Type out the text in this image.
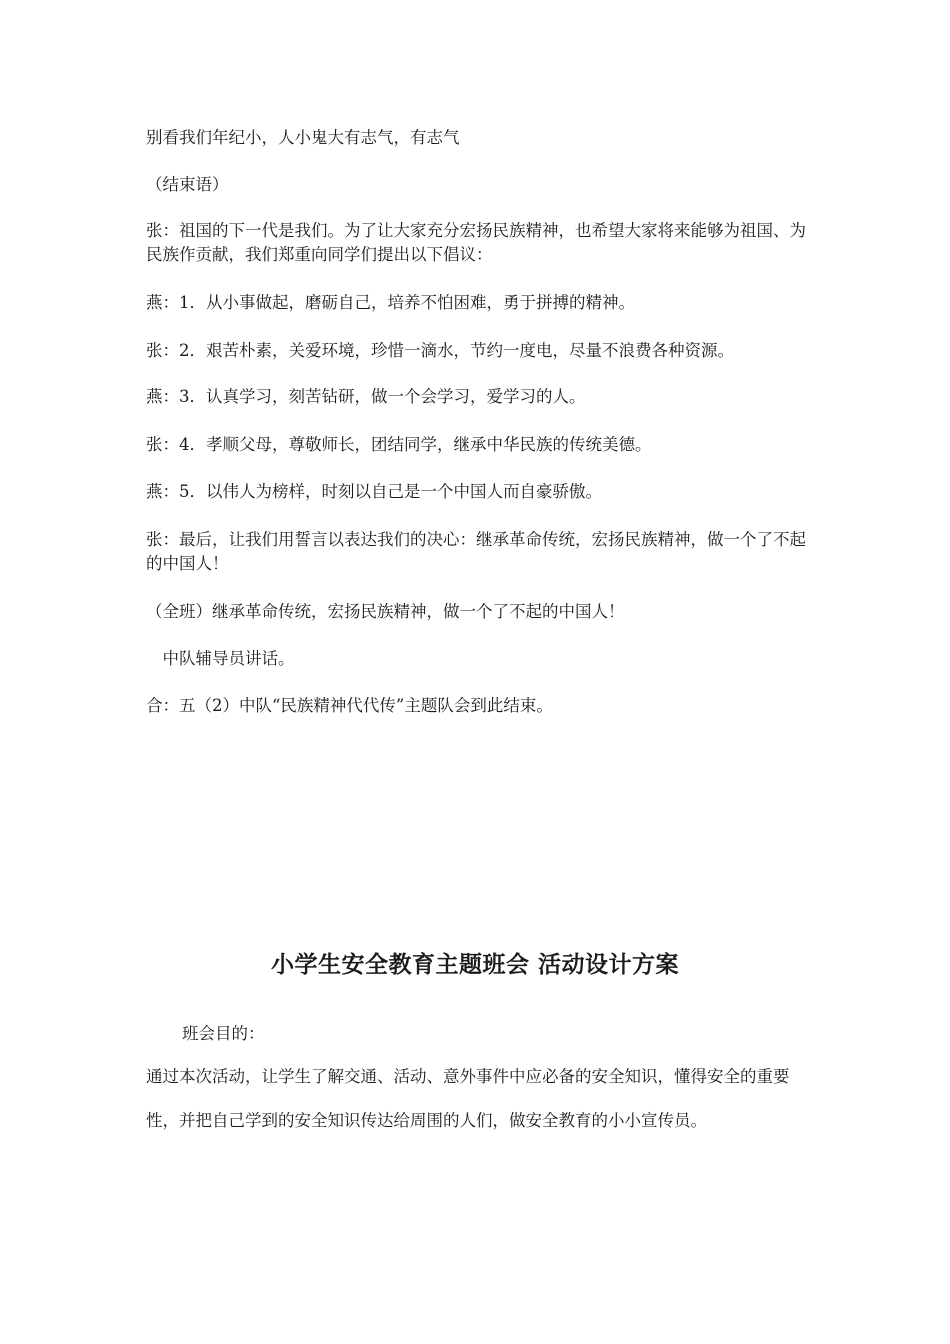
别看我们年纪小，人小鬼大有志气，有志气
（结束语）
张：祖国的下一代是我们。为了让大家充分宏扬民族精神，也希望大家将来能够为祖国、为民族作贡献，我们郑重向同学们提出以下倡议：
燕：1．从小事做起，磨砺自己，培养不怕困难，勇于拼搏的精神。
张：2．艰苦朴素，关爱环境，珍惜一滴水，节约一度电，尽量不浪费各种资源。
燕：3．认真学习，刻苦钻研，做一个会学习，爱学习的人。
张：4．孝顺父母，尊敬师长，团结同学，继承中华民族的传统美德。
燕：5．以伟人为榜样，时刻以自己是一个中国人而自豪骄傲。
张：最后，让我们用誓言以表达我们的决心：继承革命传统，宏扬民族精神，做一个了不起的中国人！
（全班）继承革命传统，宏扬民族精神，做一个了不起的中国人！
　中队辅导员讲话。
合：五（2）中队“民族精神代代传”主题队会到此结束。
小学生安全教育主题班会 活动设计方案
班会目的：
通过本次活动，让学生了解交通、活动、意外事件中应必备的安全知识，懂得安全的重要性，并把自己学到的安全知识传达给周围的人们，做安全教育的小小宣传员。
